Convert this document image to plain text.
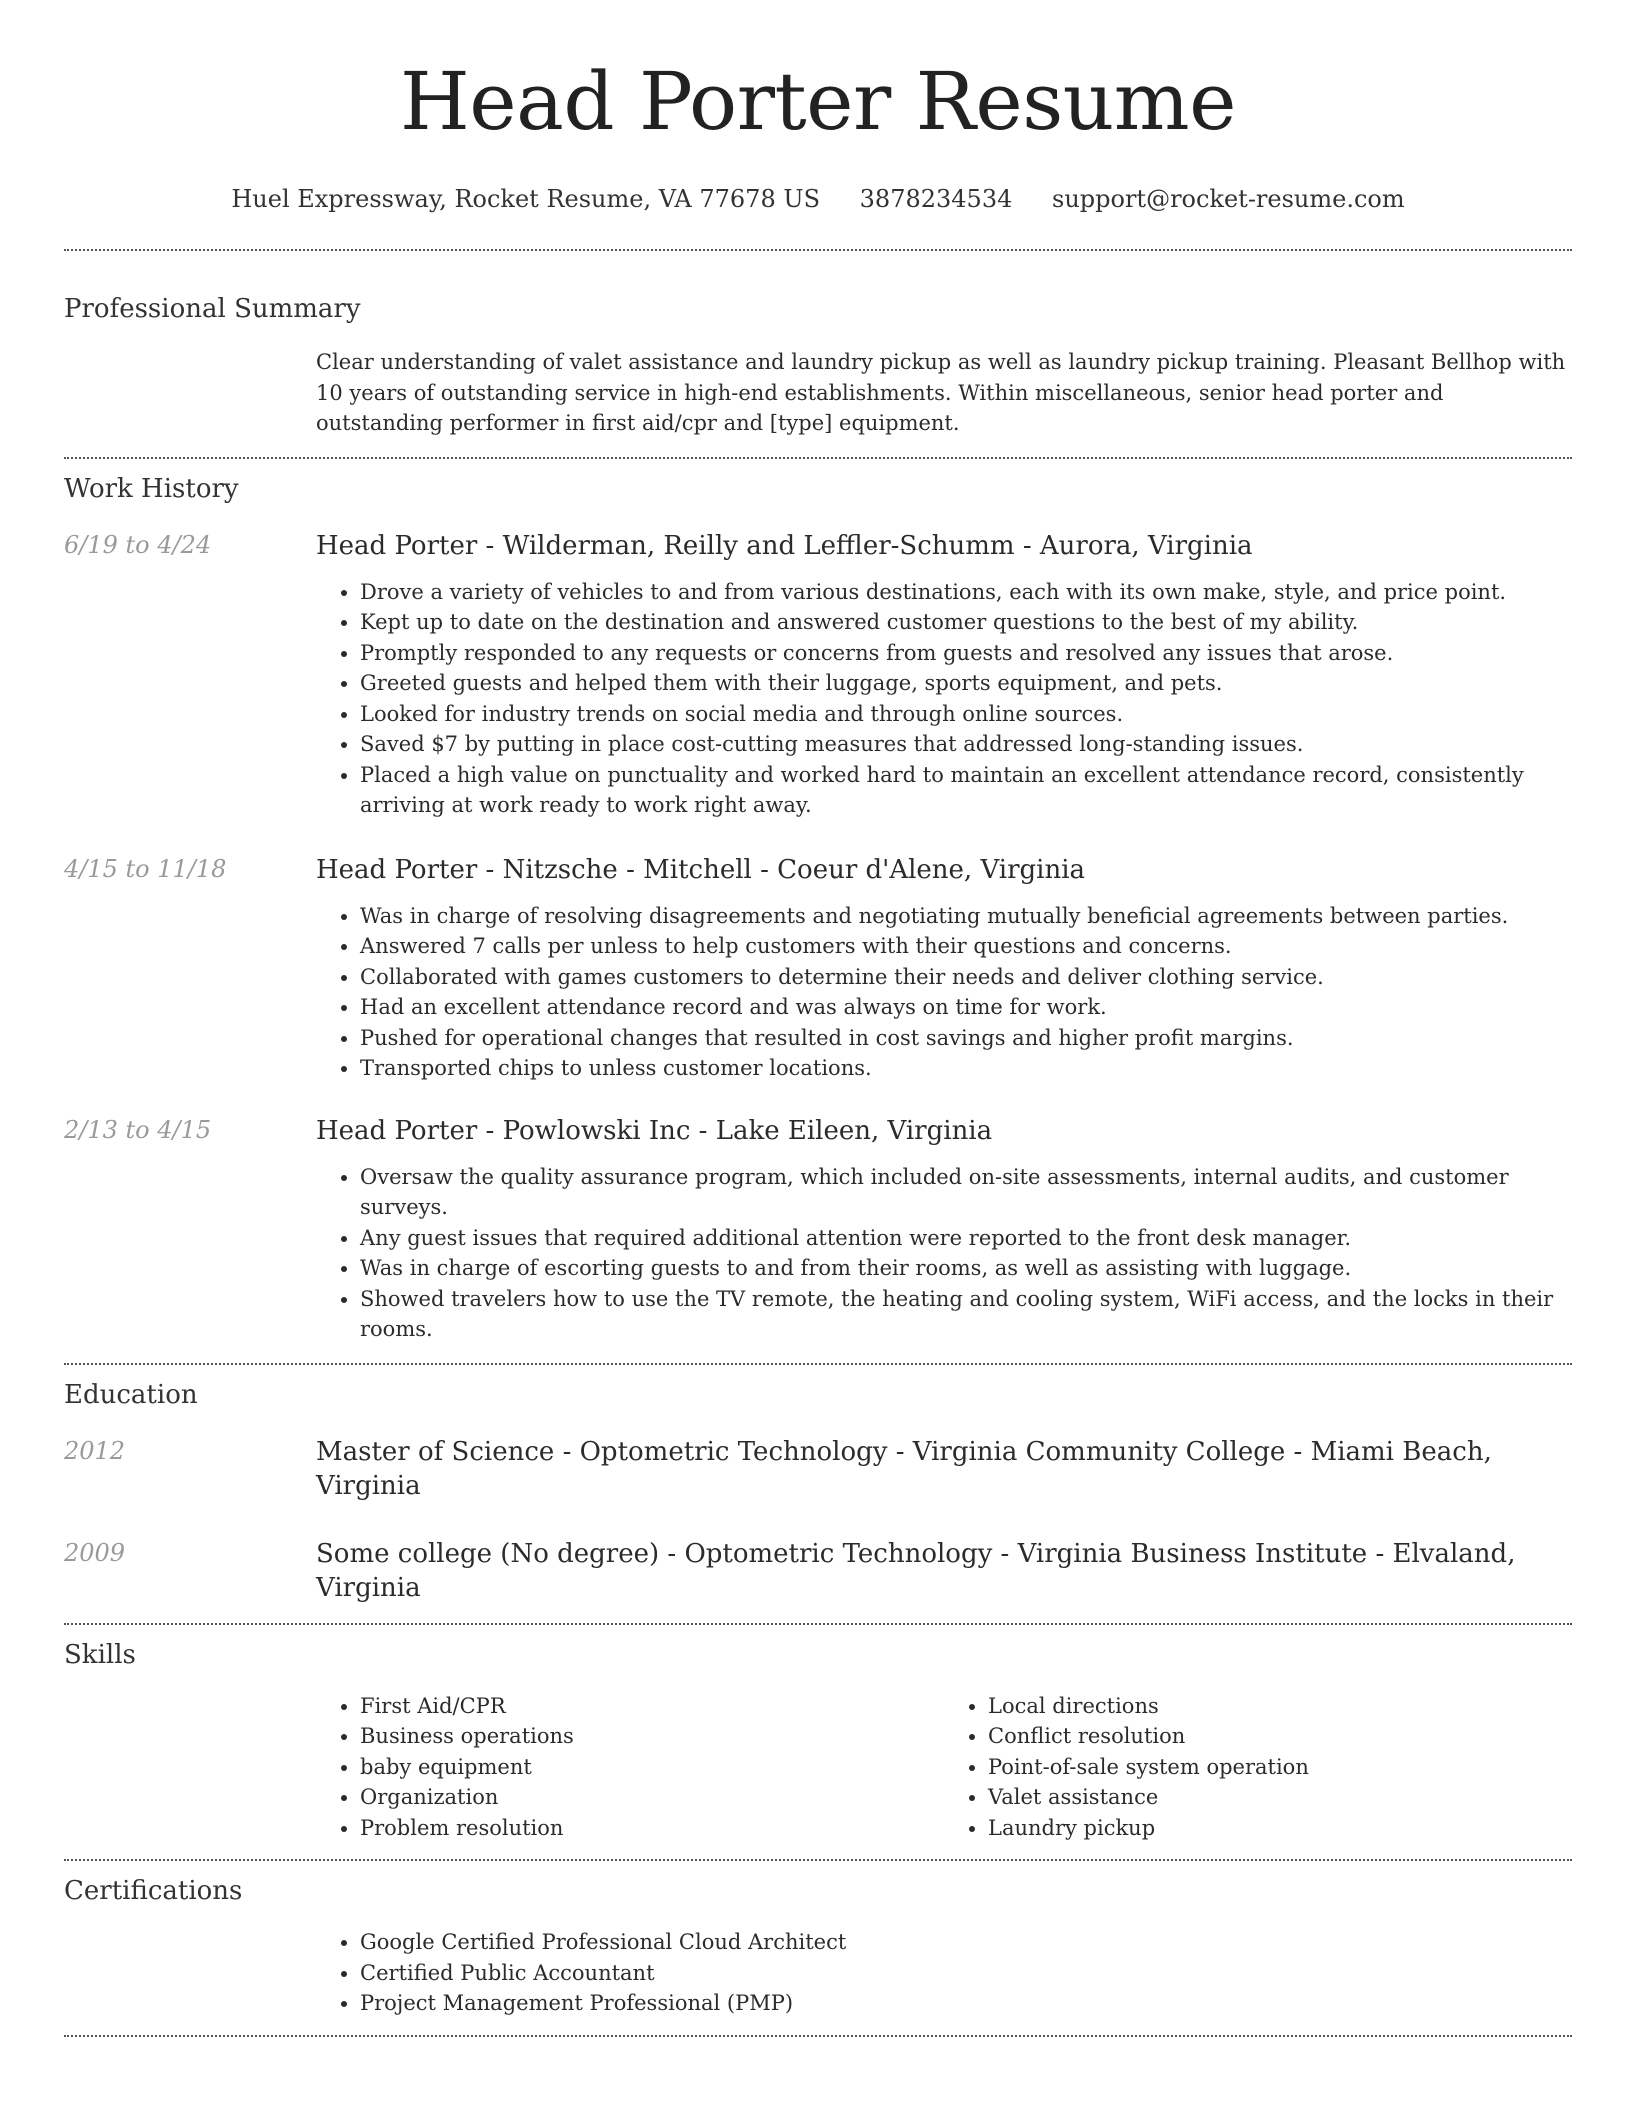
Head Porter Resume
Huel Expressway, Rocket Resume, VA 77678 US 3878234534 support@rocket-resume.com
Professional Summary

Clear understanding of valet assistance and laundry pickup as well as laundry pickup training. Pleasant Bellhop with 10 years of outstanding service in high-end establishments. Within miscellaneous, senior head porter and outstanding performer in first aid/cpr and [type] equipment.

Work History
6/19 to 4/24	Head Porter - Wilderman, Reilly and Leffler-Schumm - Aurora, Virginia
• Drove a variety of vehicles to and from various destinations, each with its own make, style, and price point.
• Kept up to date on the destination and answered customer questions to the best of my ability.
• Promptly responded to any requests or concerns from guests and resolved any issues that arose.
• Greeted guests and helped them with their luggage, sports equipment, and pets.
• Looked for industry trends on social media and through online sources.
• Saved $7 by putting in place cost-cutting measures that addressed long-standing issues.
• Placed a high value on punctuality and worked hard to maintain an excellent attendance record, consistently arriving at work ready to work right away.
4/15 to 11/18	Head Porter - Nitzsche - Mitchell - Coeur d'Alene, Virginia
• Was in charge of resolving disagreements and negotiating mutually beneficial agreements between parties.
• Answered 7 calls per unless to help customers with their questions and concerns.
• Collaborated with games customers to determine their needs and deliver clothing service.
• Had an excellent attendance record and was always on time for work.
• Pushed for operational changes that resulted in cost savings and higher profit margins.
• Transported chips to unless customer locations.
2/13 to 4/15	Head Porter - Powlowski Inc - Lake Eileen, Virginia
• Oversaw the quality assurance program, which included on-site assessments, internal audits, and customer surveys.
• Any guest issues that required additional attention were reported to the front desk manager.
• Was in charge of escorting guests to and from their rooms, as well as assisting with luggage.
• Showed travelers how to use the TV remote, the heating and cooling system, WiFi access, and the locks in their rooms.
Education
2012	Master of Science - Optometric Technology - Virginia Community College - Miami Beach, Virginia
2009	Some college (No degree) - Optometric Technology - Virginia Business Institute - Elvaland, Virginia
Skills
• First Aid/CPR
• Business operations
• baby equipment
• Organization
• Problem resolution
• Local directions
• Conflict resolution
• Point-of-sale system operation
• Valet assistance
• Laundry pickup
Certifications
• Google Certified Professional Cloud Architect
• Certified Public Accountant
• Project Management Professional (PMP)
